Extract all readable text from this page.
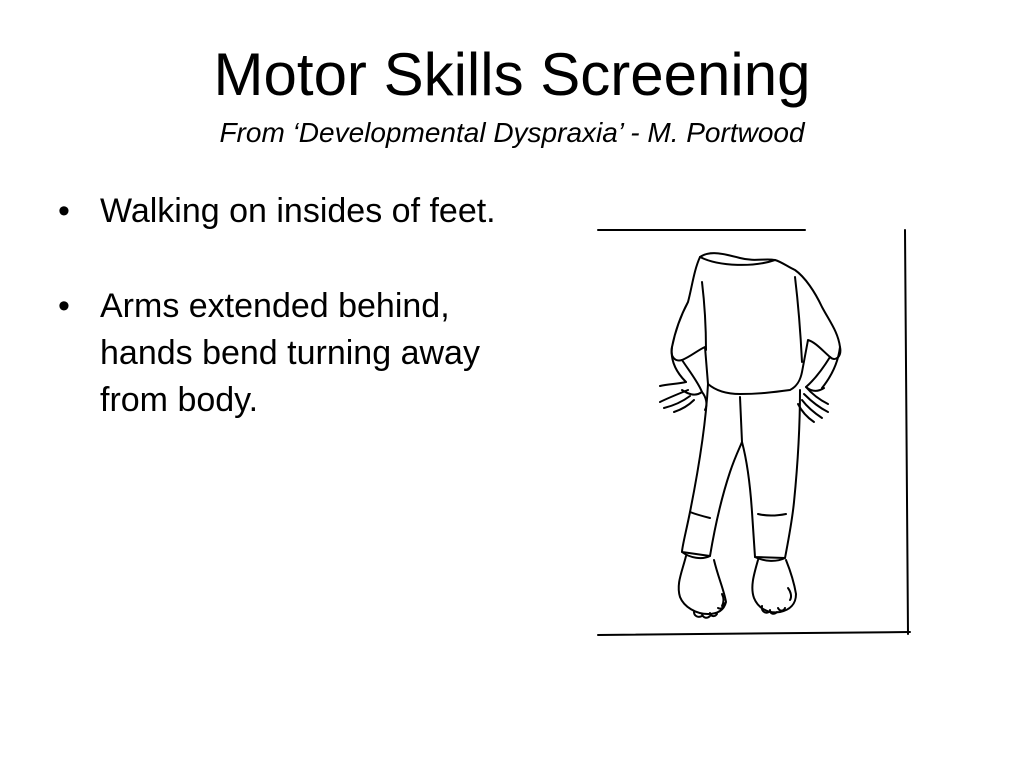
Motor Skills Screening
From ‘Developmental Dyspraxia’ - M. Portwood
• Walking on insides of feet.
• Arms extended behind, hands bend turning away from body.
